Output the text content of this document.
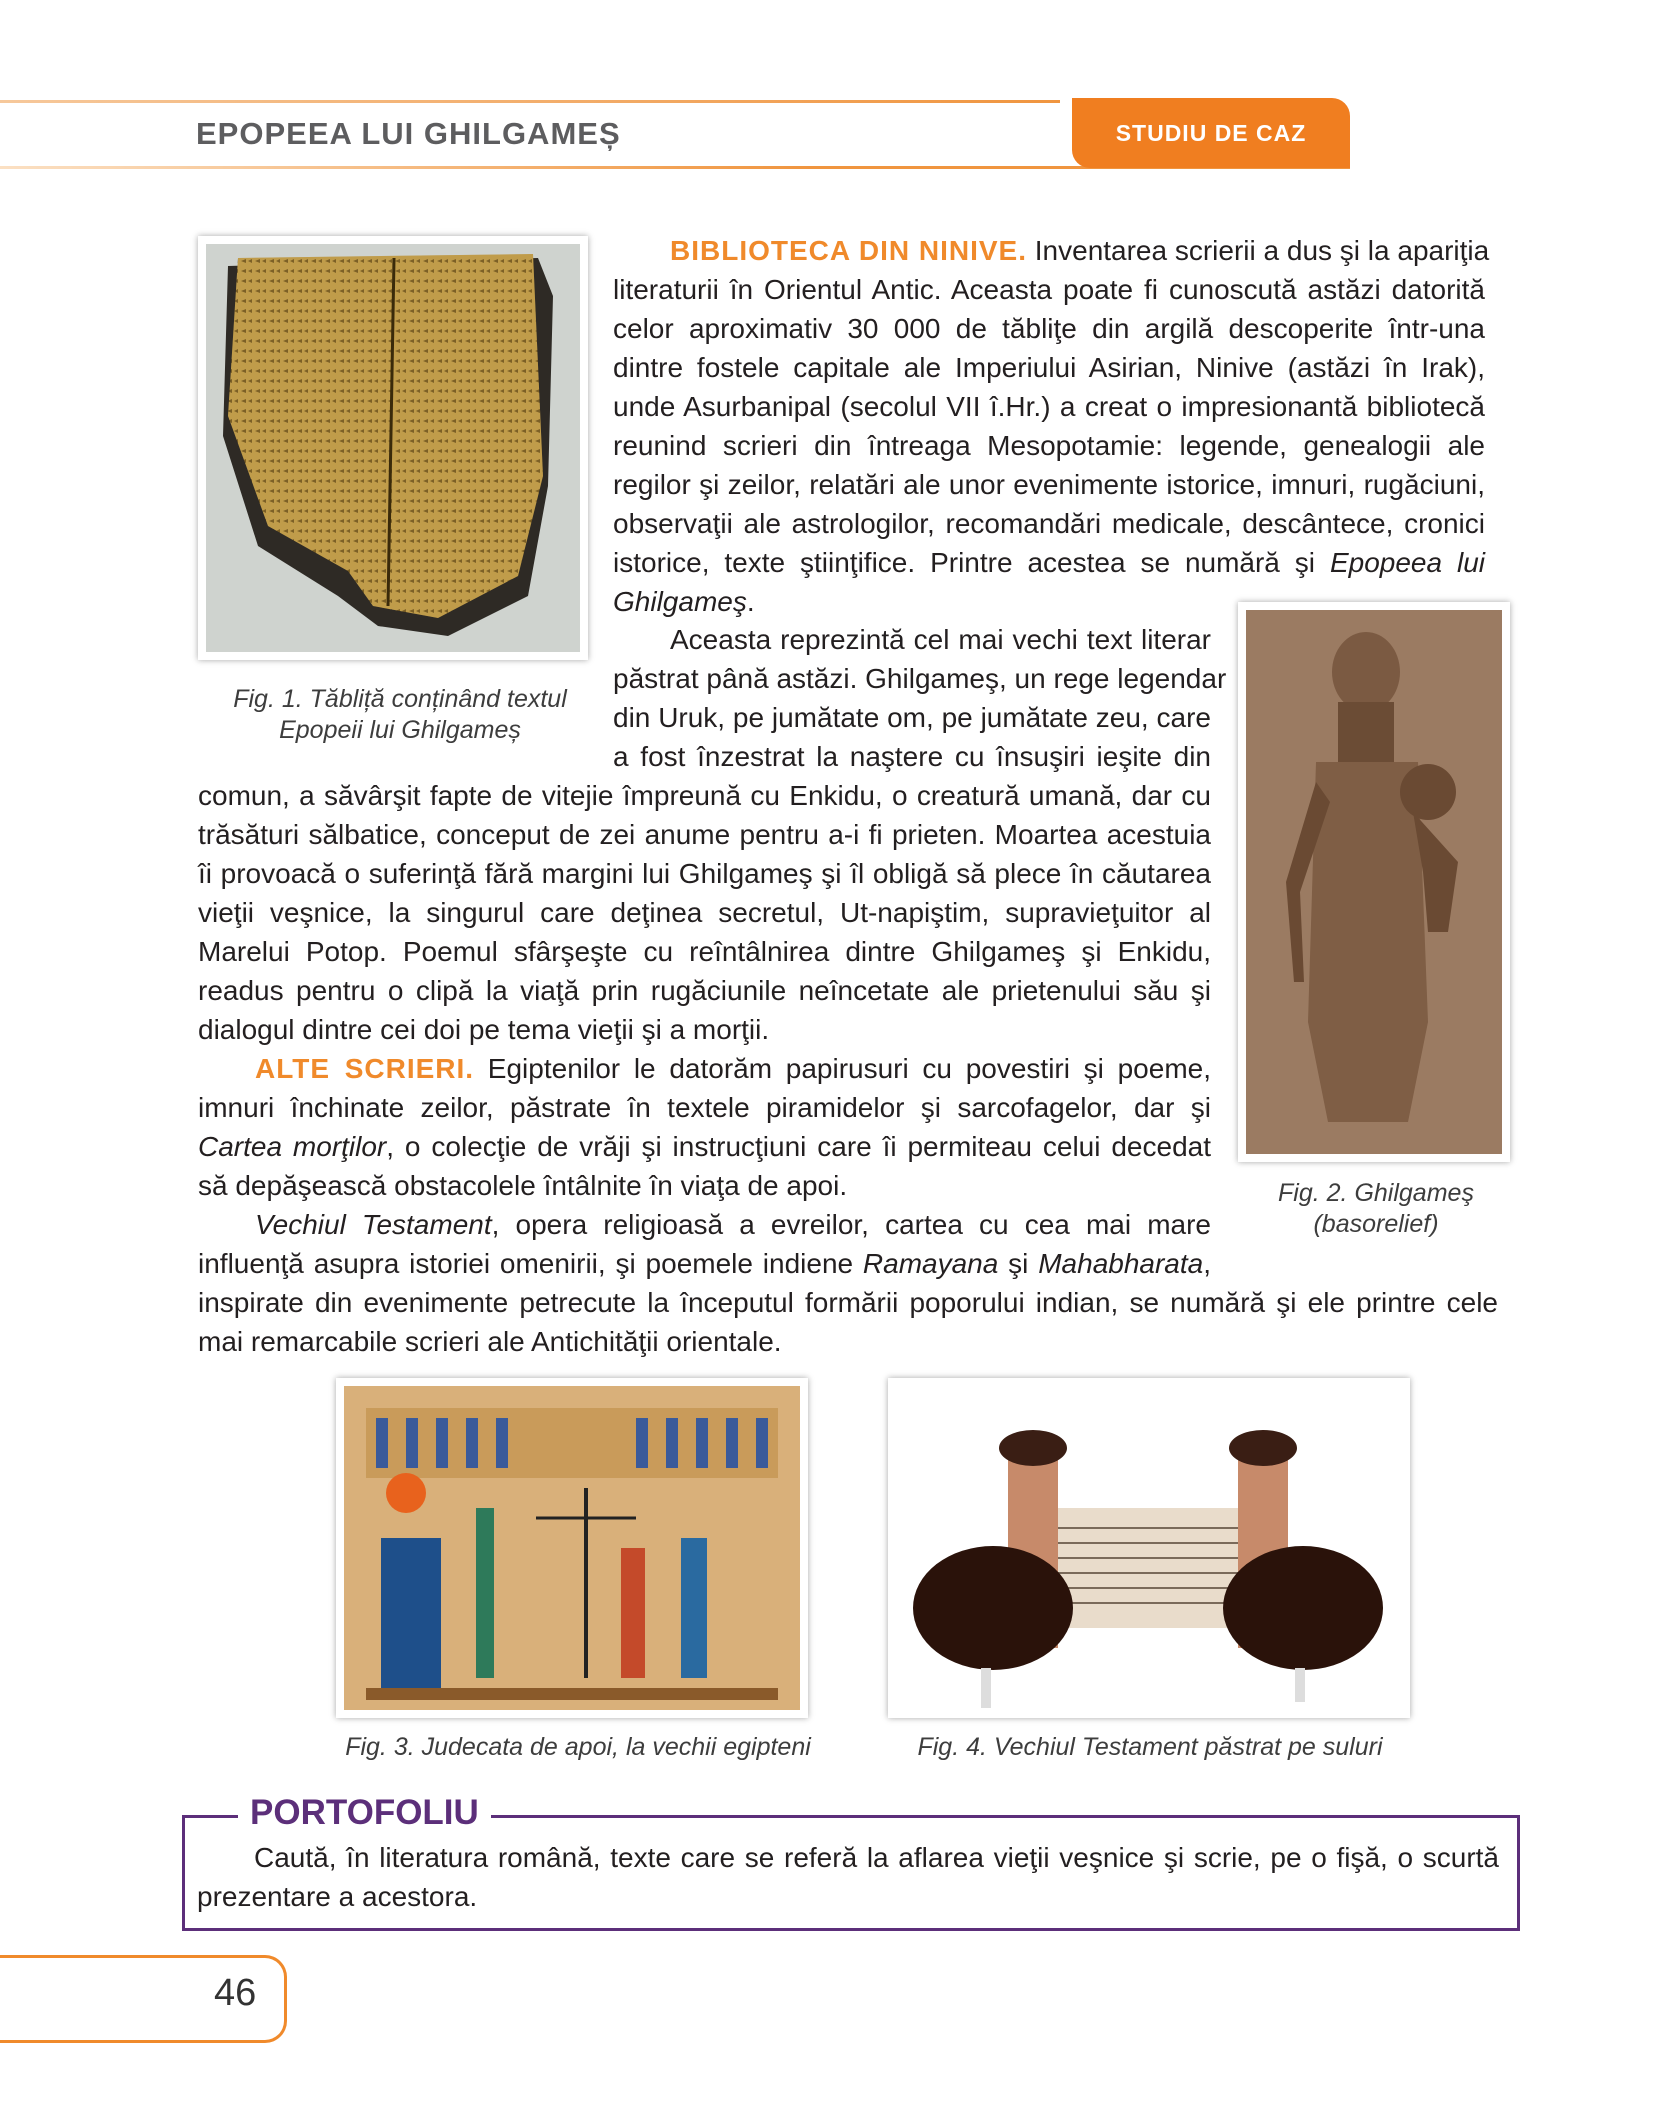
EPOPEEA LUI GHILGAMEȘ	STUDIU DE CAZ
Fig. 1. Tăbliță conținând textul Epopeii lui Ghilgameș
Fig. 2. Ghilgameş (basorelief)
BIBLIOTECA DIN NINIVE. Inventarea scrierii a dus şi la apariţia
literaturii în Orientul Antic. Aceasta poate fi cunoscută astăzi datorită
celor aproximativ 30 000 de tăbliţe din argilă descoperite într-una
dintre fostele capitale ale Imperiului Asirian, Ninive (astăzi în Irak),
unde Asurbanipal (secolul VII î.Hr.) a creat o impresionantă bibliotecă
reunind scrieri din întreaga Mesopotamie: legende, genealogii ale
regilor şi zeilor, relatări ale unor evenimente istorice, imnuri, rugăciuni,
observaţii ale astrologilor, recomandări medicale, descântece, cronici
istorice, texte ştiinţifice. Printre acestea se numără şi Epopeea lui
Ghilgameş.
Aceasta reprezintă cel mai vechi text literar
păstrat până astăzi. Ghilgameş, un rege legendar
din Uruk, pe jumătate om, pe jumătate zeu, care
a fost înzestrat la naştere cu însuşiri ieşite din
comun, a săvârşit fapte de vitejie împreună cu Enkidu, o creatură umană, dar cu
trăsături sălbatice, conceput de zei anume pentru a-i fi prieten. Moartea acestuia
îi provoacă o suferinţă fără margini lui Ghilgameş şi îl obligă să plece în căutarea
vieţii veşnice, la singurul care deţinea secretul, Ut-napiştim, supravieţuitor al
Marelui Potop. Poemul sfârşeşte cu reîntâlnirea dintre Ghilgameş şi Enkidu,
readus pentru o clipă la viaţă prin rugăciunile neîncetate ale prietenului său şi
dialogul dintre cei doi pe tema vieţii şi a morţii.
ALTE SCRIERI. Egiptenilor le datorăm papirusuri cu povestiri şi poeme,
imnuri închinate zeilor, păstrate în textele piramidelor şi sarcofagelor, dar şi
Cartea morţilor, o colecţie de vrăji şi instrucţiuni care îi permiteau celui decedat
să depăşească obstacolele întâlnite în viaţa de apoi.
Vechiul Testament, opera religioasă a evreilor, cartea cu cea mai mare
influenţă asupra istoriei omenirii, şi poemele indiene Ramayana şi Mahabharata,
inspirate din evenimente petrecute la începutul formării poporului indian, se numără şi ele printre cele
mai remarcabile scrieri ale Antichităţii orientale.
Fig. 3. Judecata de apoi, la vechii egipteni	Fig. 4. Vechiul Testament păstrat pe suluri
PORTOFOLIU
Caută, în literatura română, texte care se referă la aflarea vieţii veşnice şi scrie, pe o fişă, o scurtă prezentare a acestora.
46
